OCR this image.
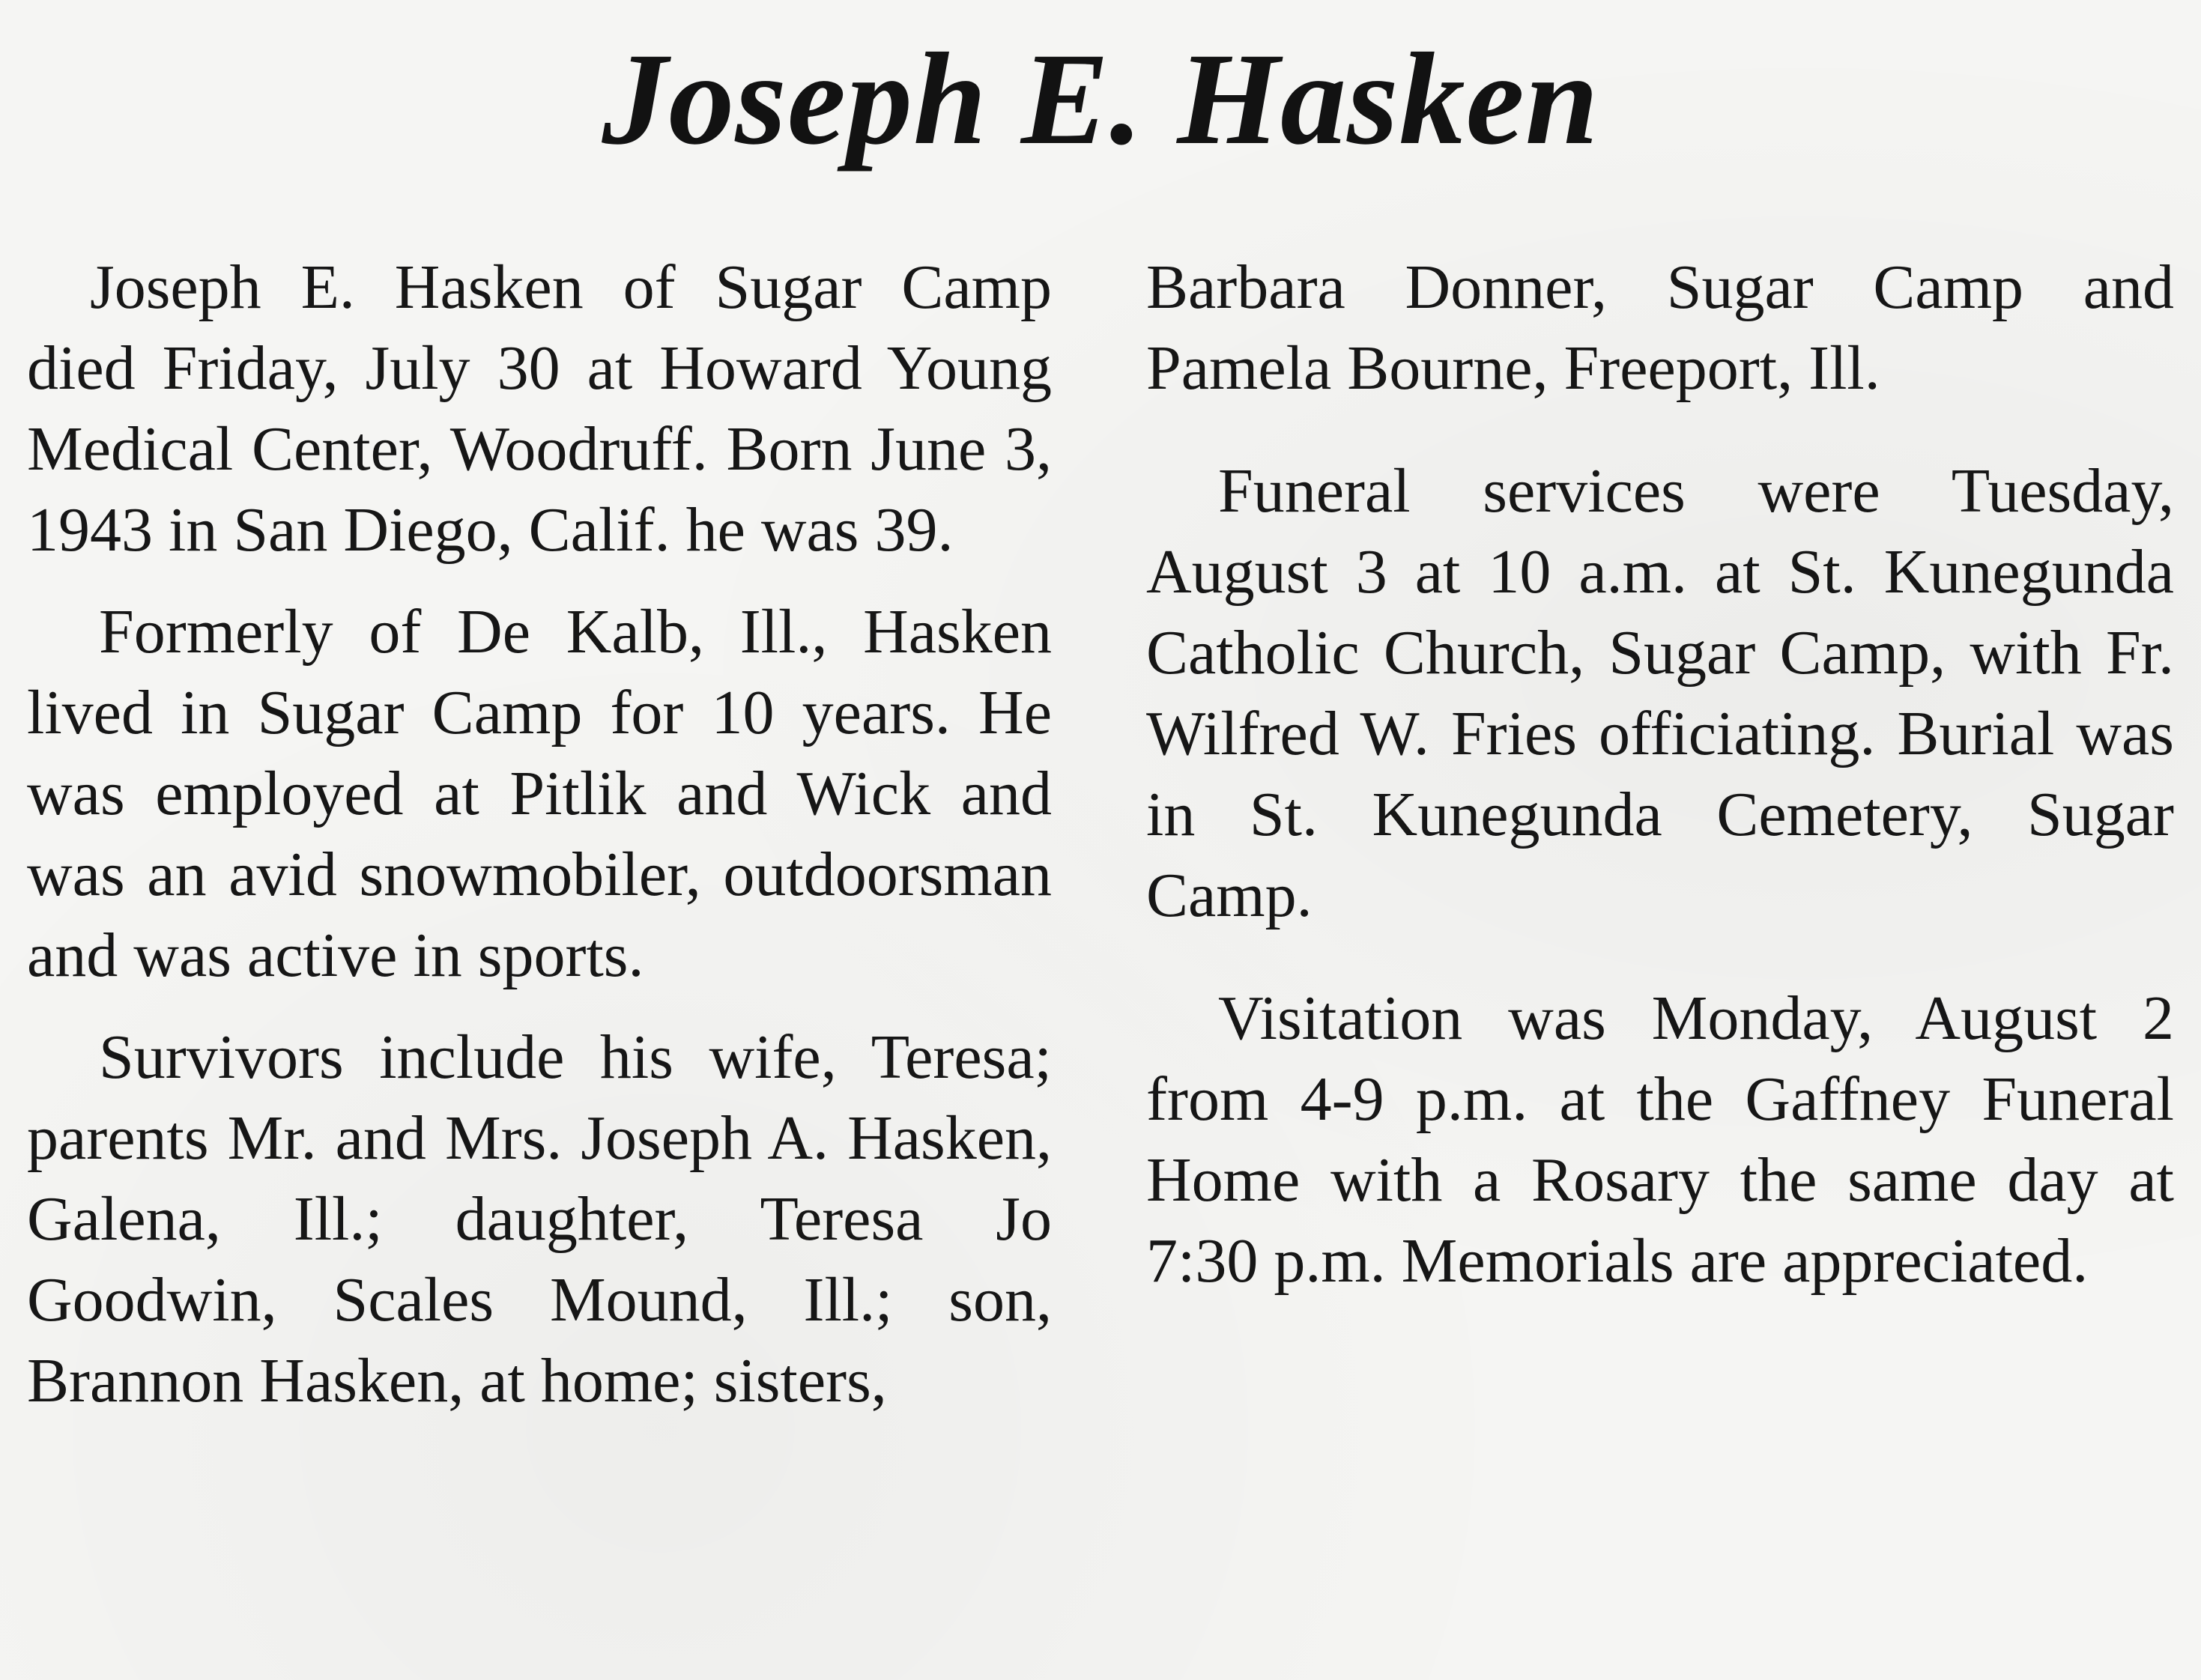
Joseph E. Hasken

Joseph E. Hasken of Sugar Camp died Friday, July 30 at Howard Young Medical Center, Woodruff. Born June 3, 1943 in San Diego, Calif. he was 39.

Formerly of De Kalb, Ill., Hasken lived in Sugar Camp for 10 years. He was employed at Pitlik and Wick and was an avid snowmobiler, outdoorsman and was active in sports.

Survivors include his wife, Teresa; parents Mr. and Mrs. Joseph A. Hasken, Galena, Ill.; daughter, Teresa Jo Goodwin, Scales Mound, Ill.; son, Brannon Hasken, at home; sisters,

Barbara Donner, Sugar Camp and Pamela Bourne, Freeport, Ill.

Funeral services were Tuesday, August 3 at 10 a.m. at St. Kunegunda Catholic Church, Sugar Camp, with Fr. Wilfred W. Fries officiating. Burial was in St. Kunegunda Cemetery, Sugar Camp.

Visitation was Monday, August 2 from 4-9 p.m. at the Gaffney Funeral Home with a Rosary the same day at 7:30 p.m. Memorials are appreciated.
